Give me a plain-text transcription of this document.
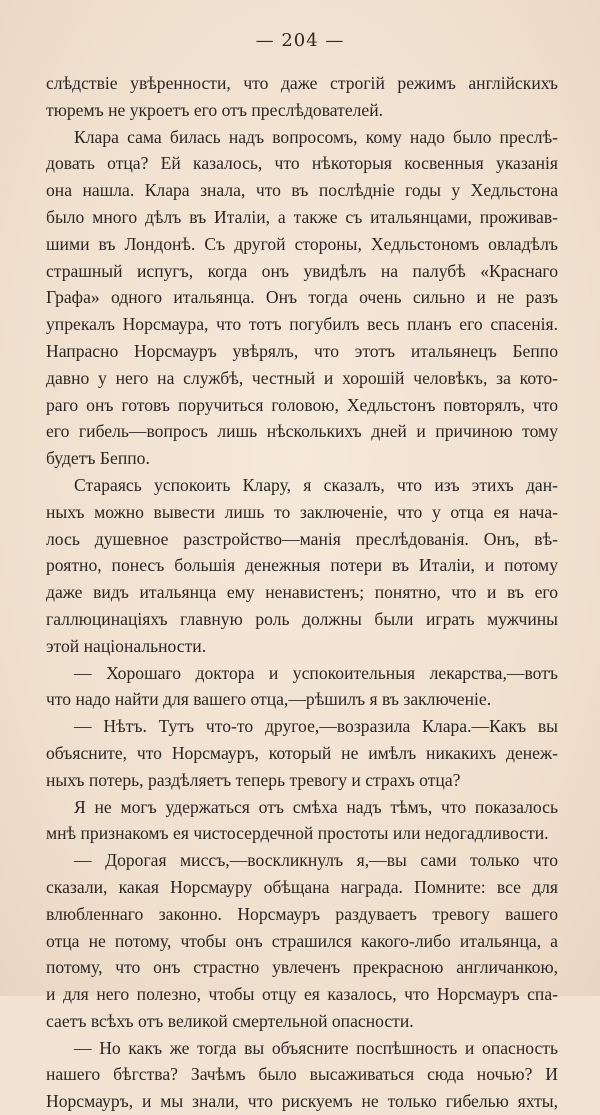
— 204 —
слѣдствіе увѣренности, что даже строгій режимъ англійскихъ
тюремъ не укроетъ его отъ преслѣдователей.
Клара сама билась надъ вопросомъ, кому надо было преслѣ-
довать отца? Ей казалось, что нѣкоторыя косвенныя указанія
она нашла. Клара знала, что въ послѣдніе годы у Хедльстона
было много дѣлъ въ Италіи, а также съ итальянцами, проживав-
шими въ Лондонѣ. Съ другой стороны, Хедльстономъ овладѣлъ
страшный испугъ, когда онъ увидѣлъ на палубѣ «Краснаго
Графа» одного итальянца. Онъ тогда очень сильно и не разъ
упрекалъ Норсмаура, что тотъ погубилъ весь планъ его спасенія.
Напрасно Норсмауръ увѣрялъ, что этотъ итальянецъ Беппо
давно у него на службѣ, честный и хорошій человѣкъ, за кото-
раго онъ готовъ поручиться головою, Хедльстонъ повторялъ, что
его гибель—вопросъ лишь нѣсколькихъ дней и причиною тому
будетъ Беппо.
Стараясь успокоить Клару, я сказалъ, что изъ этихъ дан-
ныхъ можно вывести лишь то заключеніе, что у отца ея нача-
лось душевное разстройство—манія преслѣдованія. Онъ, вѣ-
роятно, понесъ большія денежныя потери въ Италіи, и потому
даже видъ итальянца ему ненавистенъ; понятно, что и въ его
галлюцинаціяхъ главную роль должны были играть мужчины
этой національности.
— Хорошаго доктора и успокоительныя лекарства,—вотъ
что надо найти для вашего отца,—рѣшилъ я въ заключеніе.
— Нѣтъ. Тутъ что-то другое,—возразила Клара.—Какъ вы
объясните, что Норсмауръ, который не имѣлъ никакихъ денеж-
ныхъ потерь, раздѣляетъ теперь тревогу и страхъ отца?
Я не могъ удержаться отъ смѣха надъ тѣмъ, что показалось
мнѣ признакомъ ея чистосердечной простоты или недогадливости.
— Дорогая миссъ,—воскликнулъ я,—вы сами только что
сказали, какая Норсмауру обѣщана награда. Помните: все для
влюбленнаго законно. Норсмауръ раздуваетъ тревогу вашего
отца не потому, чтобы онъ страшился какого-либо итальянца, а
потому, что онъ страстно увлеченъ прекрасною англичанкою,
и для него полезно, чтобы отцу ея казалось, что Норсмауръ спа-
саетъ всѣхъ отъ великой смертельной опасности.
— Но какъ же тогда вы объясните поспѣшность и опасность
нашего бѣгства? Зачѣмъ было высаживаться сюда ночью? И
Норсмауръ, и мы знали, что рискуемъ не только гибелью яхты,
